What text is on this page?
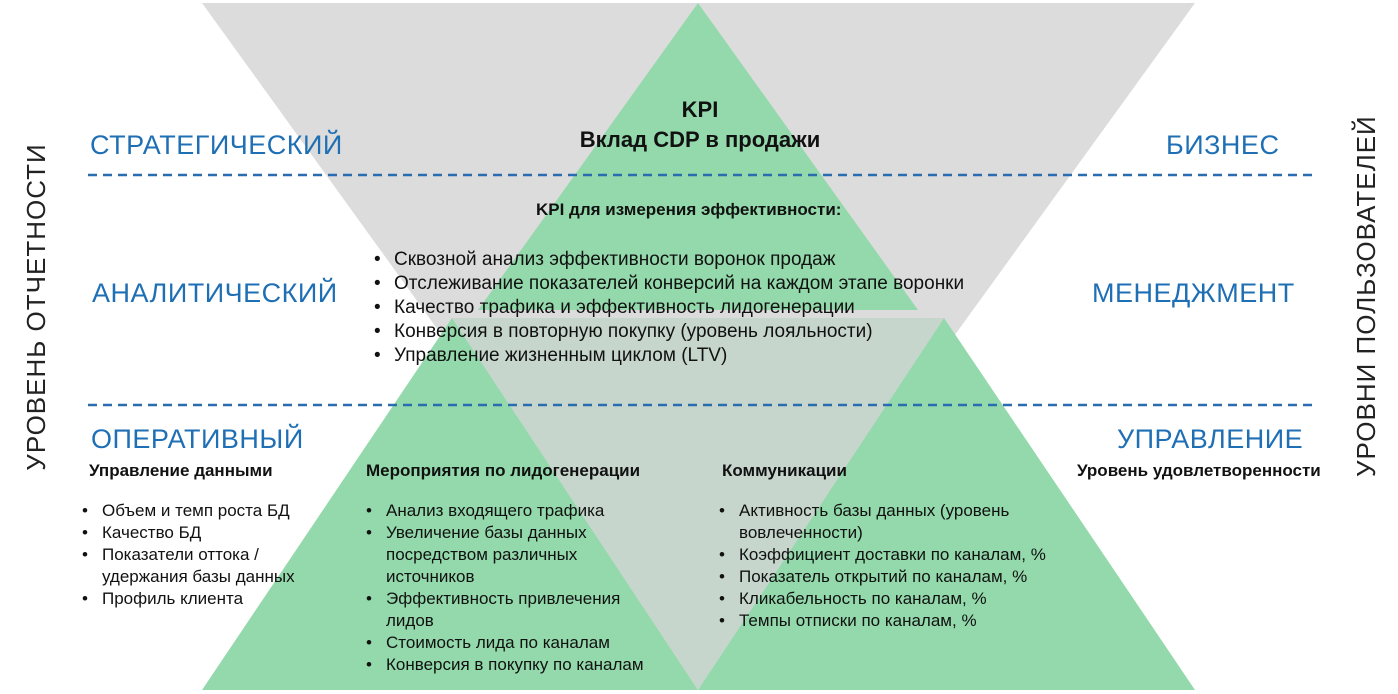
УРОВЕНЬ ОТЧЕТНОСТИ	УРОВНИ ПОЛЬЗОВАТЕЛЕЙ
KPI
Вклад CDP в продажи
СТРАТЕГИЧЕСКИЙ
АНАЛИТИЧЕСКИЙ
ОПЕРАТИВНЫЙ
БИЗНЕС
МЕНЕДЖМЕНТ
УПРАВЛЕНИЕ
KPI для измерения эффективности:
• Сквозной анализ эффективности воронок продаж
• Отслеживание показателей конверсий на каждом этапе воронки
• Качество трафика и эффективность лидогенерации
• Конверсия в повторную покупку (уровень лояльности)
• Управление жизненным циклом (LTV)
Управление данными
• Объем и темп роста БД
• Качество БД
• Показатели оттока / удержания базы данных
• Профиль клиента
Мероприятия по лидогенерации
• Анализ входящего трафика
• Увеличение базы данных посредством различных источников
• Эффективность привлечения лидов
• Стоимость лида по каналам
• Конверсия в покупку по каналам
Коммуникации
• Активность базы данных (уровень вовлеченности)
• Коэффициент доставки по каналам, %
• Показатель открытий по каналам, %
• Кликабельность по каналам, %
• Темпы отписки по каналам, %
Уровень удовлетворенности
